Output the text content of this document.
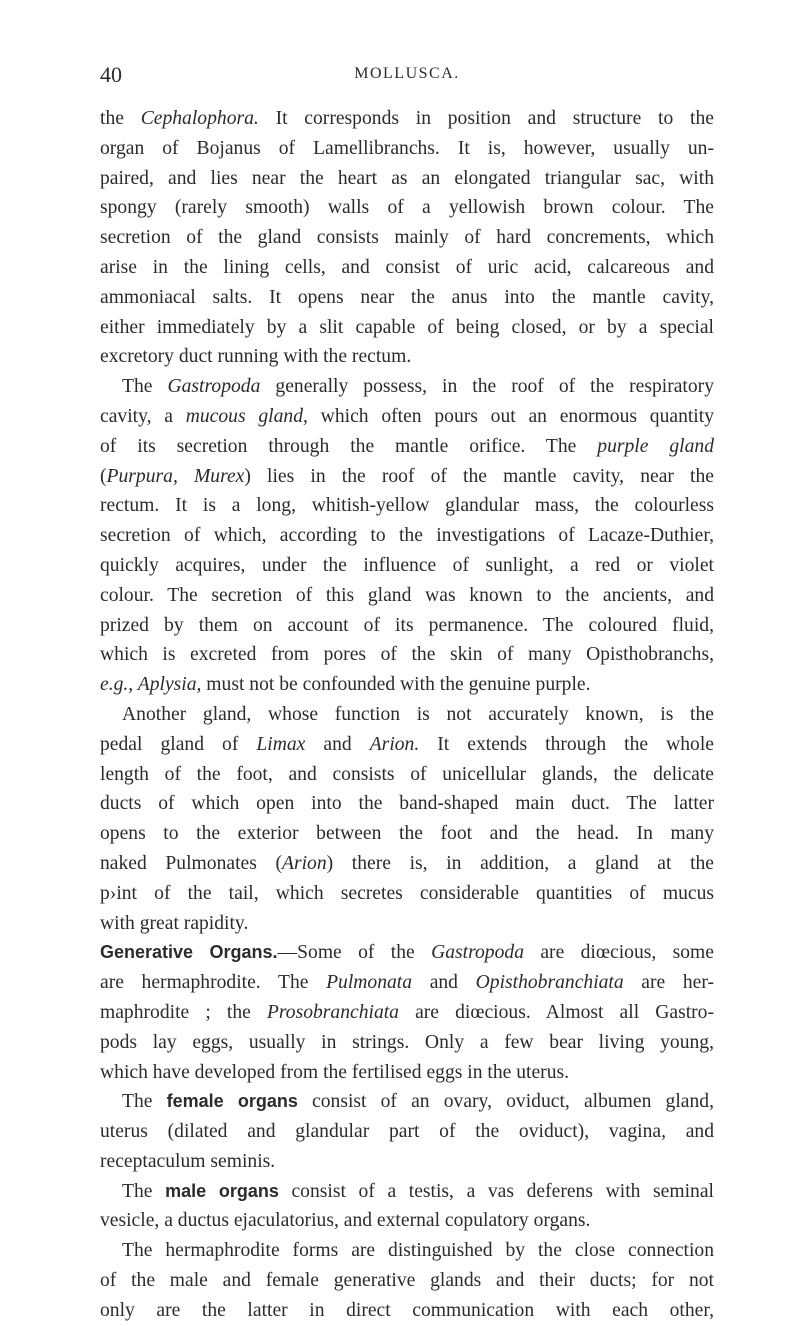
40	MOLLUSCA.
the Cephalophora. It corresponds in position and structure to the
organ of Bojanus of Lamellibranchs. It is, however, usually un-
paired, and lies near the heart as an elongated triangular sac, with
spongy (rarely smooth) walls of a yellowish brown colour. The
secretion of the gland consists mainly of hard concrements, which
arise in the lining cells, and consist of uric acid, calcareous and
ammoniacal salts. It opens near the anus into the mantle cavity,
either immediately by a slit capable of being closed, or by a special
excretory duct running with the rectum.
The Gastropoda generally possess, in the roof of the respiratory
cavity, a mucous gland, which often pours out an enormous quantity
of its secretion through the mantle orifice. The purple gland
(Purpura, Murex) lies in the roof of the mantle cavity, near the
rectum. It is a long, whitish-yellow glandular mass, the colourless
secretion of which, according to the investigations of Lacaze-Duthier,
quickly acquires, under the influence of sunlight, a red or violet
colour. The secretion of this gland was known to the ancients, and
prized by them on account of its permanence. The coloured fluid,
which is excreted from pores of the skin of many Opisthobranchs,
e.g., Aplysia, must not be confounded with the genuine purple.
Another gland, whose function is not accurately known, is the
pedal gland of Limax and Arion. It extends through the whole
length of the foot, and consists of unicellular glands, the delicate
ducts of which open into the band-shaped main duct. The latter
opens to the exterior between the foot and the head. In many
naked Pulmonates (Arion) there is, in addition, a gland at the
p›int of the tail, which secretes considerable quantities of mucus
with great rapidity.
Generative Organs.—Some of the Gastropoda are diœcious, some
are hermaphrodite. The Pulmonata and Opisthobranchiata are her-
maphrodite ; the Prosobranchiata are diœcious. Almost all Gastro-
pods lay eggs, usually in strings. Only a few bear living young,
which have developed from the fertilised eggs in the uterus.
The female organs consist of an ovary, oviduct, albumen gland,
uterus (dilated and glandular part of the oviduct), vagina, and
receptaculum seminis.
The male organs consist of a testis, a vas deferens with seminal
vesicle, a ductus ejaculatorius, and external copulatory organs.
The hermaphrodite forms are distinguished by the close connection
of the male and female generative glands and their ducts; for not
only are the latter in direct communication with each other,
